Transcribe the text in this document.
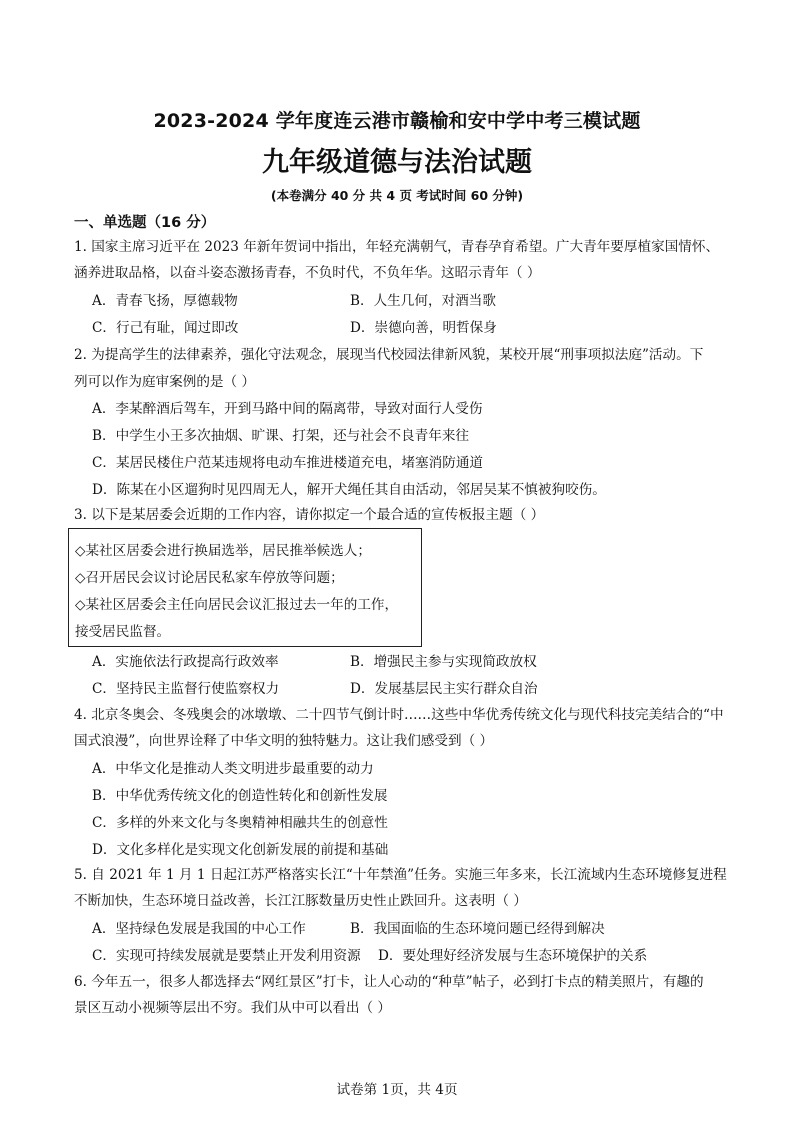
2023-2024 学年度连云港市赣榆和安中学中考三模试题
九年级道德与法治试题
(本卷满分 40 分 共 4 页 考试时间 60 分钟)
一、单选题（16 分）
1. 国家主席习近平在 2023 年新年贺词中指出，年轻充满朝气，青春孕育希望。广大青年要厚植家国情怀、
涵养进取品格，以奋斗姿态激扬青春，不负时代，不负年华。这昭示青年（ ）
A．青春飞扬，厚德载物	B．人生几何，对酒当歌
C．行己有耻，闻过即改	D．崇德向善，明哲保身
2. 为提高学生的法律素养，强化守法观念，展现当代校园法律新风貌，某校开展“刑事项拟法庭”活动。下
列可以作为庭审案例的是（ ）
A．李某醉酒后驾车，开到马路中间的隔离带，导致对面行人受伤
B．中学生小王多次抽烟、旷课、打架，还与社会不良青年来往
C．某居民楼住户范某违规将电动车推进楼道充电，堵塞消防通道
D．陈某在小区遛狗时见四周无人，解开犬绳任其自由活动，邻居吴某不慎被狗咬伤。
3. 以下是某居委会近期的工作内容，请你拟定一个最合适的宣传板报主题（ ）
◇某社区居委会进行换届选举，居民推举候选人；
◇召开居民会议讨论居民私家车停放等问题；
◇某社区居委会主任向居民会议汇报过去一年的工作，
接受居民监督。
A．实施依法行政提高行政效率	B．增强民主参与实现简政放权
C．坚持民主监督行使监察权力	D．发展基层民主实行群众自治
4. 北京冬奥会、冬残奥会的冰墩墩、二十四节气倒计时……这些中华优秀传统文化与现代科技完美结合的“中
国式浪漫”，向世界诠释了中华文明的独特魅力。这让我们感受到（ ）
A．中华文化是推动人类文明进步最重要的动力
B．中华优秀传统文化的创造性转化和创新性发展
C．多样的外来文化与冬奥精神相融共生的创意性
D．文化多样化是实现文化创新发展的前提和基础
5. 自 2021 年 1 月 1 日起江苏严格落实长江“十年禁渔”任务。实施三年多来，长江流域内生态环境修复进程
不断加快，生态环境日益改善，长江江豚数量历史性止跌回升。这表明（ ）
A．坚持绿色发展是我国的中心工作	B．我国面临的生态环境问题已经得到解决
C．实现可持续发展就是要禁止开发利用资源 D．要处理好经济发展与生态环境保护的关系
6. 今年五一，很多人都选择去“网红景区”打卡，让人心动的“种草”帖子，必到打卡点的精美照片，有趣的
景区互动小视频等层出不穷。我们从中可以看出（ ）
试卷第 1页，共 4页
